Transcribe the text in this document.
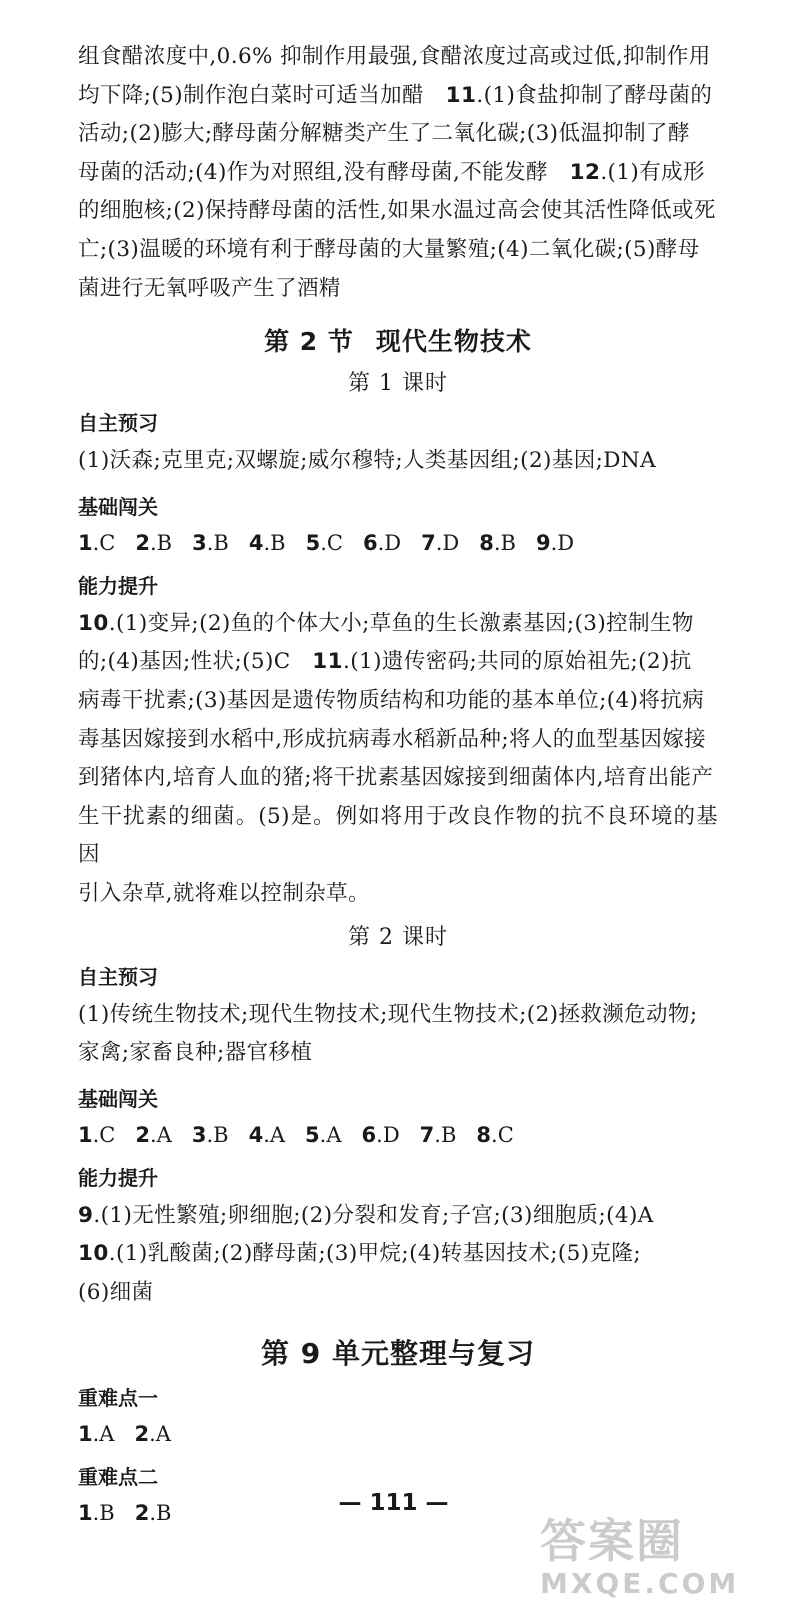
组食醋浓度中,0.6% 抑制作用最强,食醋浓度过高或过低,抑制作用
均下降;(5)制作泡白菜时可适当加醋 11.(1)食盐抑制了酵母菌的
活动;(2)膨大;酵母菌分解糖类产生了二氧化碳;(3)低温抑制了酵
母菌的活动;(4)作为对照组,没有酵母菌,不能发酵 12.(1)有成形
的细胞核;(2)保持酵母菌的活性,如果水温过高会使其活性降低或死
亡;(3)温暖的环境有利于酵母菌的大量繁殖;(4)二氧化碳;(5)酵母
菌进行无氧呼吸产生了酒精

第 2 节 现代生物技术
第 1 课时
自主预习

(1)沃森;克里克;双螺旋;威尔穆特;人类基因组;(2)基因;DNA

基础闯关
1.C 2.B 3.B 4.B 5.C 6.D 7.D 8.B 9.D
能力提升

10.(1)变异;(2)鱼的个体大小;草鱼的生长激素基因;(3)控制生物
的;(4)基因;性状;(5)C 11.(1)遗传密码;共同的原始祖先;(2)抗
病毒干扰素;(3)基因是遗传物质结构和功能的基本单位;(4)将抗病
毒基因嫁接到水稻中,形成抗病毒水稻新品种;将人的血型基因嫁接
到猪体内,培育人血的猪;将干扰素基因嫁接到细菌体内,培育出能产
生干扰素的细菌。(5)是。例如将用于改良作物的抗不良环境的基因
引入杂草,就将难以控制杂草。

第 2 课时
自主预习

(1)传统生物技术;现代生物技术;现代生物技术;(2)拯救濒危动物;
家禽;家畜良种;器官移植

基础闯关
1.C 2.A 3.B 4.A 5.A 6.D 7.B 8.C
能力提升

9.(1)无性繁殖;卵细胞;(2)分裂和发育;子宫;(3)细胞质;(4)A
10.(1)乳酸菌;(2)酵母菌;(3)甲烷;(4)转基因技术;(5)克隆;
(6)细菌

第 9 单元整理与复习
重难点一
1.A 2.A
重难点二
1.B 2.B	— 111 —
答案圈
MXQE.COM
